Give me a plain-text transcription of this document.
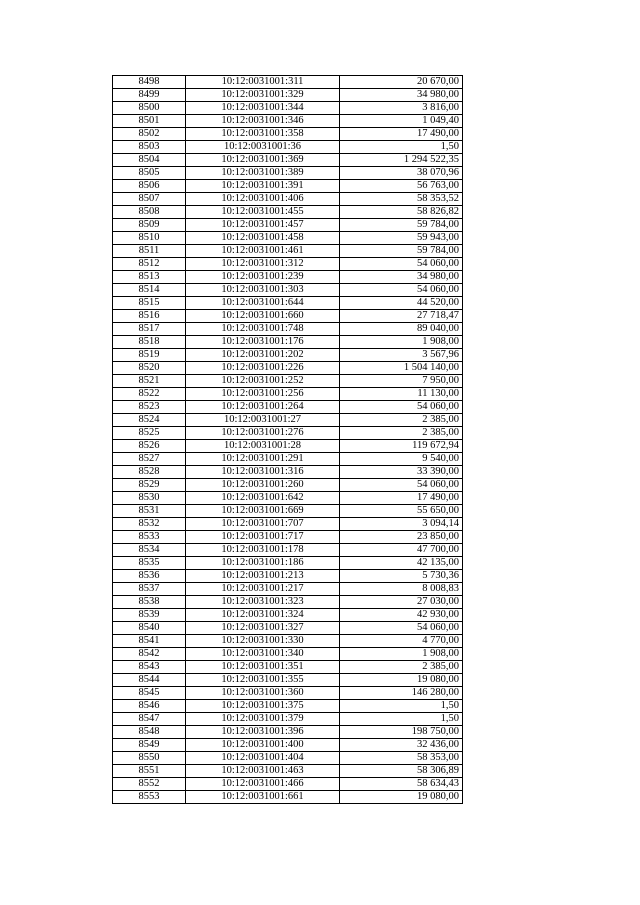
8498	10:12:0031001:311	20 670,00
8499	10:12:0031001:329	34 980,00
8500	10:12:0031001:344	3 816,00
8501	10:12:0031001:346	1 049,40
8502	10:12:0031001:358	17 490,00
8503	10:12:0031001:36	1,50
8504	10:12:0031001:369	1 294 522,35
8505	10:12:0031001:389	38 070,96
8506	10:12:0031001:391	56 763,00
8507	10:12:0031001:406	58 353,52
8508	10:12:0031001:455	58 826,82
8509	10:12:0031001:457	59 784,00
8510	10:12:0031001:458	59 943,00
8511	10:12:0031001:461	59 784,00
8512	10:12:0031001:312	54 060,00
8513	10:12:0031001:239	34 980,00
8514	10:12:0031001:303	54 060,00
8515	10:12:0031001:644	44 520,00
8516	10:12:0031001:660	27 718,47
8517	10:12:0031001:748	89 040,00
8518	10:12:0031001:176	1 908,00
8519	10:12:0031001:202	3 567,96
8520	10:12:0031001:226	1 504 140,00
8521	10:12:0031001:252	7 950,00
8522	10:12:0031001:256	11 130,00
8523	10:12:0031001:264	54 060,00
8524	10:12:0031001:27	2 385,00
8525	10:12:0031001:276	2 385,00
8526	10:12:0031001:28	119 672,94
8527	10:12:0031001:291	9 540,00
8528	10:12:0031001:316	33 390,00
8529	10:12:0031001:260	54 060,00
8530	10:12:0031001:642	17 490,00
8531	10:12:0031001:669	55 650,00
8532	10:12:0031001:707	3 094,14
8533	10:12:0031001:717	23 850,00
8534	10:12:0031001:178	47 700,00
8535	10:12:0031001:186	42 135,00
8536	10:12:0031001:213	5 730,36
8537	10:12:0031001:217	8 008,83
8538	10:12:0031001:323	27 030,00
8539	10:12:0031001:324	42 930,00
8540	10:12:0031001:327	54 060,00
8541	10:12:0031001:330	4 770,00
8542	10:12:0031001:340	1 908,00
8543	10:12:0031001:351	2 385,00
8544	10:12:0031001:355	19 080,00
8545	10:12:0031001:360	146 280,00
8546	10:12:0031001:375	1,50
8547	10:12:0031001:379	1,50
8548	10:12:0031001:396	198 750,00
8549	10:12:0031001:400	32 436,00
8550	10:12:0031001:404	58 353,00
8551	10:12:0031001:463	58 306,89
8552	10:12:0031001:466	58 634,43
8553	10:12:0031001:661	19 080,00
